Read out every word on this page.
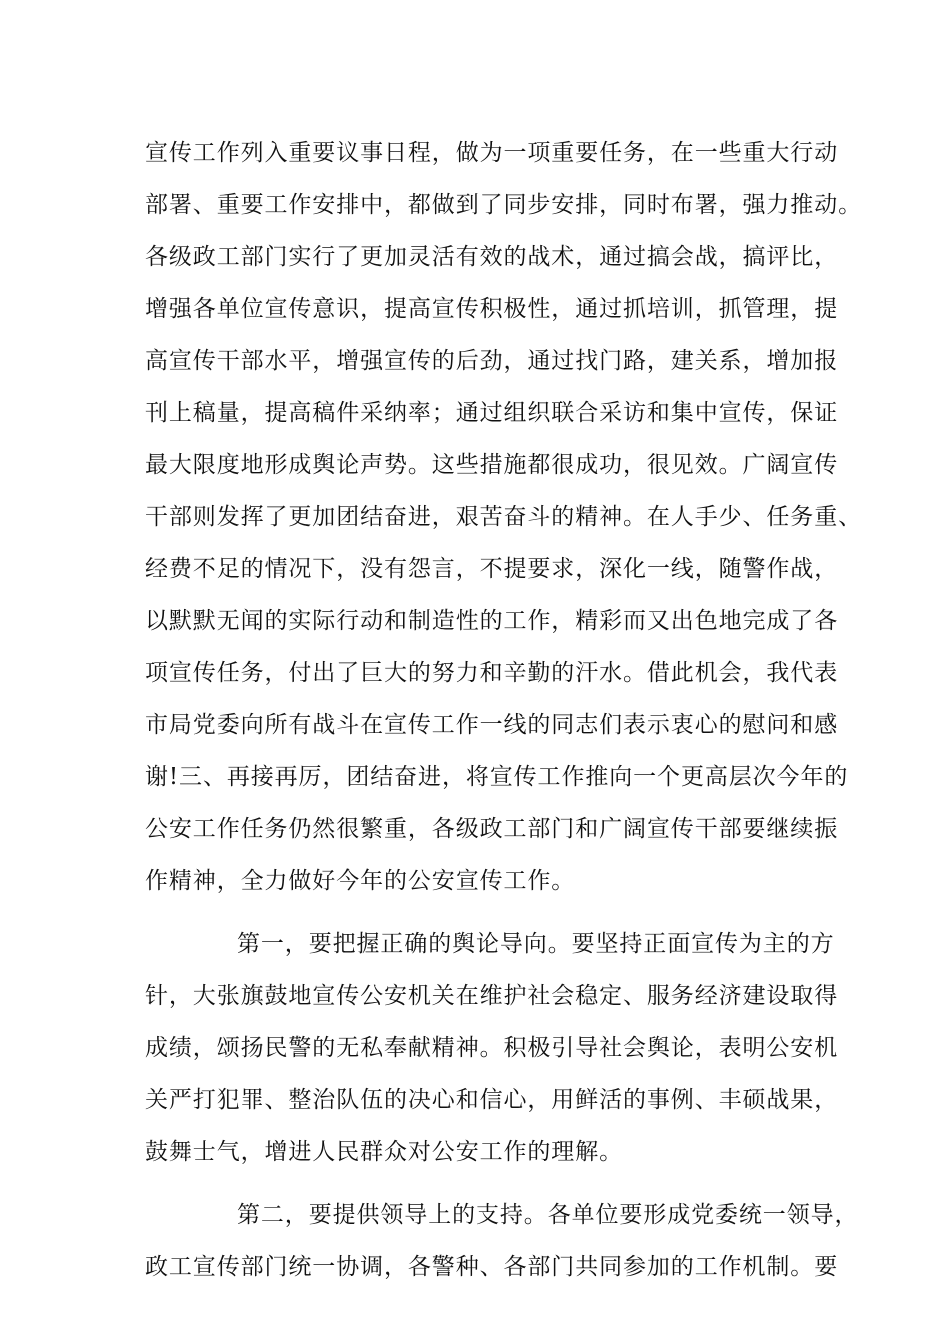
宣传工作列入重要议事日程，做为一项重要任务，在一些重大行动
部署、重要工作安排中，都做到了同步安排，同时布署，强力推动。
各级政工部门实行了更加灵活有效的战术，通过搞会战，搞评比，
增强各单位宣传意识，提高宣传积极性，通过抓培训，抓管理，提
高宣传干部水平，增强宣传的后劲，通过找门路，建关系，增加报
刊上稿量，提高稿件采纳率；通过组织联合采访和集中宣传，保证
最大限度地形成舆论声势。这些措施都很成功，很见效。广阔宣传
干部则发挥了更加团结奋进，艰苦奋斗的精神。在人手少、任务重、
经费不足的情况下，没有怨言，不提要求，深化一线，随警作战，
以默默无闻的实际行动和制造性的工作，精彩而又出色地完成了各
项宣传任务，付出了巨大的努力和辛勤的汗水。借此机会，我代表
市局党委向所有战斗在宣传工作一线的同志们表示衷心的慰问和感
谢!三、再接再厉，团结奋进，将宣传工作推向一个更高层次今年的
公安工作任务仍然很繁重，各级政工部门和广阔宣传干部要继续振
作精神，全力做好今年的公安宣传工作。
第一，要把握正确的舆论导向。要坚持正面宣传为主的方
针，大张旗鼓地宣传公安机关在维护社会稳定、服务经济建设取得
成绩，颂扬民警的无私奉献精神。积极引导社会舆论，表明公安机
关严打犯罪、整治队伍的决心和信心，用鲜活的事例、丰硕战果，
鼓舞士气，增进人民群众对公安工作的理解。
第二，要提供领导上的支持。各单位要形成党委统一领导，
政工宣传部门统一协调，各警种、各部门共同参加的工作机制。要
